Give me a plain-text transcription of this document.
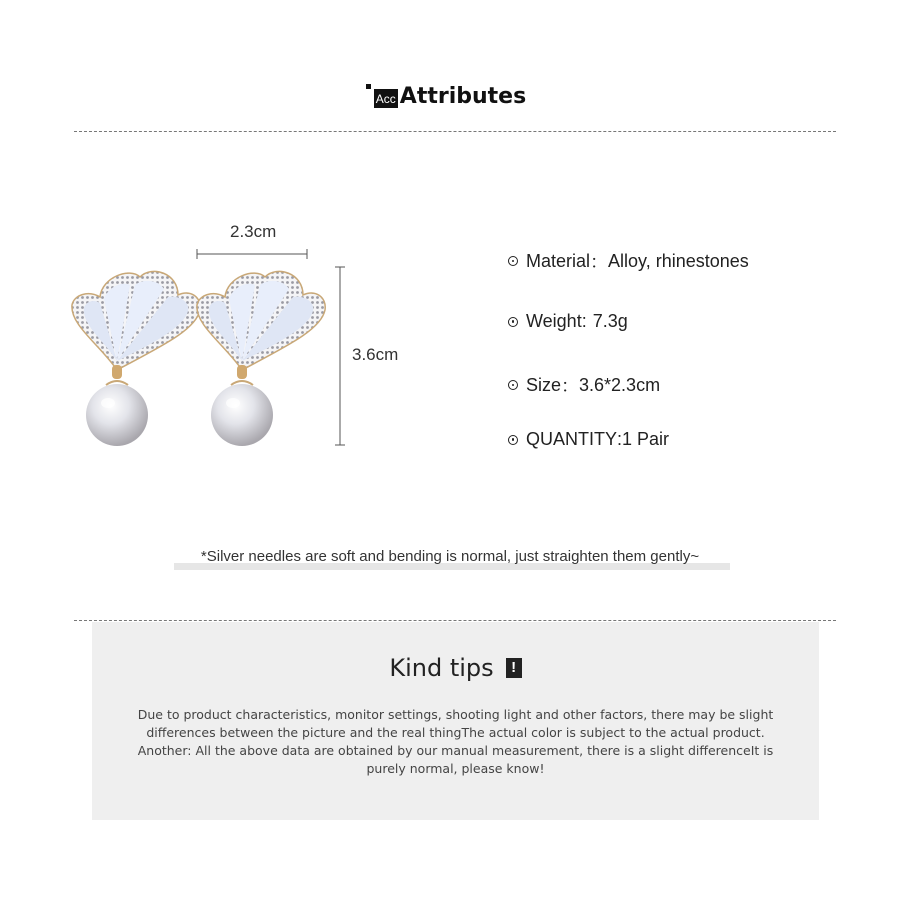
Acc Attributes
2.3cm
3.6cm
Material ： Alloy, rhinestones
Weight : 7.3g
Size ： 3.6*2.3cm
QUANTITY : 1 Pair
*Silver needles are soft and bending is normal, just straighten them gently~
Kind tips	!
Due to product characteristics, monitor settings, shooting light and other factors, there may be slight differences between the picture and the real thingThe actual color is subject to the actual product. Another: All the above data are obtained by our manual measurement, there is a slight differenceIt is purely normal, please know!
